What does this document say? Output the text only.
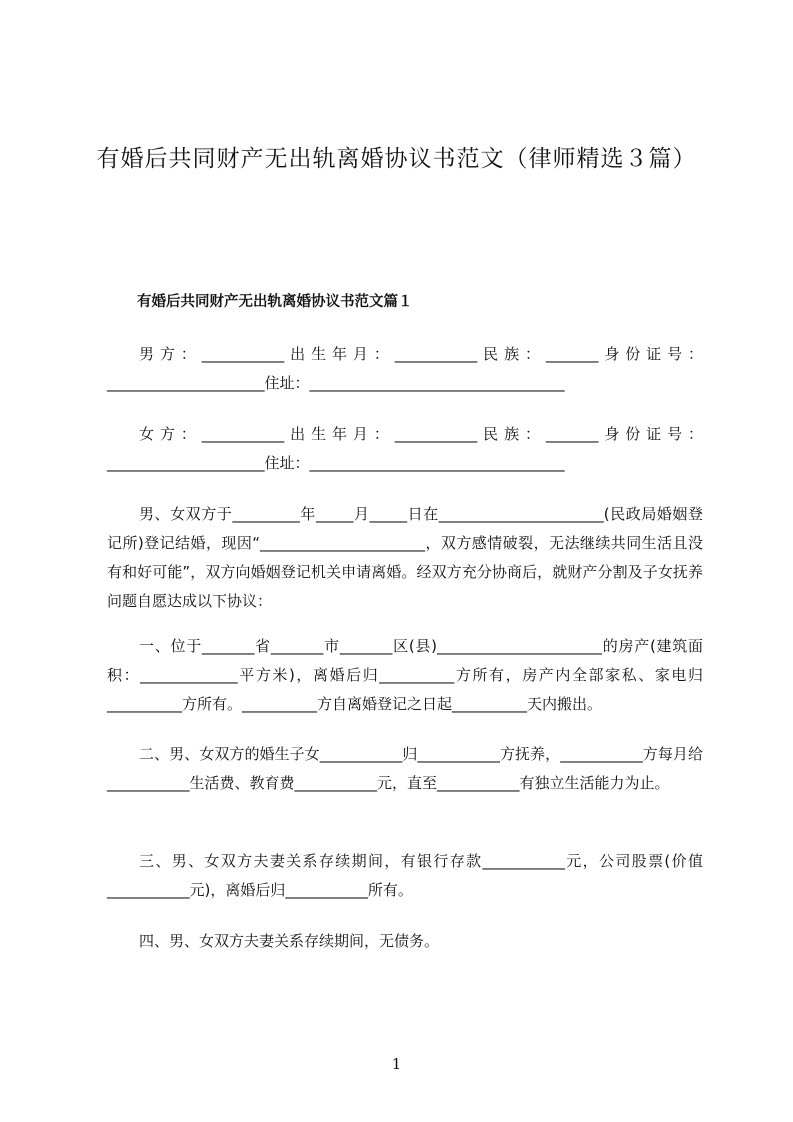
有婚后共同财产无出轨离婚协议书范文（律师精选３篇）
有婚后共同财产无出轨离婚协议书范文篇１

男方：___________出生年月：___________民族：_______身份证号：_____________________住址：__________________________________

女方：___________出生年月：___________民族：_______身份证号：_____________________住址：__________________________________

男、女双方于_________年_____月_____日在______________________(民政局婚姻登记所)登记结婚，现因“______________________，双方感情破裂，无法继续共同生活且没有和好可能”，双方向婚姻登记机关申请离婚。经双方充分协商后，就财产分割及子女抚养问题自愿达成以下协议：

一、位于_______省_______市_______区(县)______________________的房产(建筑面积：_____________平方米)，离婚后归__________方所有，房产内全部家私、家电归__________方所有。__________方自离婚登记之日起__________天内搬出。

二、男、女双方的婚生子女___________归___________方抚养，___________方每月给___________生活费、教育费___________元，直至___________有独立生活能力为止。

三、男、女双方夫妻关系存续期间，有银行存款___________元，公司股票(价值___________元)，离婚后归___________所有。

四、男、女双方夫妻关系存续期间，无债务。

1
